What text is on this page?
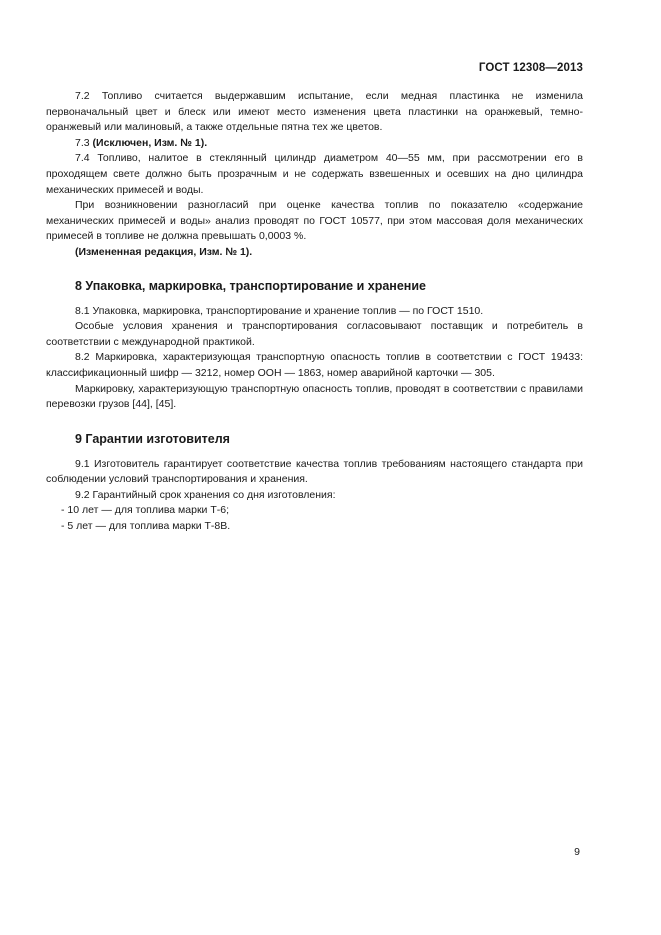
ГОСТ 12308—2013

7.2 Топливо считается выдержавшим испытание, если медная пластинка не изменила первоначальный цвет и блеск или имеют место изменения цвета пластинки на оранжевый, темно-оранжевый или малиновый, а также отдельные пятна тех же цветов.

7.3 (Исключен, Изм. № 1).

7.4 Топливо, налитое в стеклянный цилиндр диаметром 40—55 мм, при рассмотрении его в проходящем свете должно быть прозрачным и не содержать взвешенных и осевших на дно цилиндра механических примесей и воды.

При возникновении разногласий при оценке качества топлив по показателю «содержание механических примесей и воды» анализ проводят по ГОСТ 10577, при этом массовая доля механических примесей в топливе не должна превышать 0,0003 %.

(Измененная редакция, Изм. № 1).

8 Упаковка, маркировка, транспортирование и хранение

8.1 Упаковка, маркировка, транспортирование и хранение топлив — по ГОСТ 1510.

Особые условия хранения и транспортирования согласовывают поставщик и потребитель в соответствии с международной практикой.

8.2 Маркировка, характеризующая транспортную опасность топлив в соответствии с ГОСТ 19433: классификационный шифр — 3212, номер ООН — 1863, номер аварийной карточки — 305.

Маркировку, характеризующую транспортную опасность топлив, проводят в соответствии с правилами перевозки грузов [44], [45].

9 Гарантии изготовителя

9.1 Изготовитель гарантирует соответствие качества топлив требованиям настоящего стандарта при соблюдении условий транспортирования и хранения.

9.2 Гарантийный срок хранения со дня изготовления:

- 10 лет — для топлива марки Т-6;

- 5 лет — для топлива марки Т-8В.

9
